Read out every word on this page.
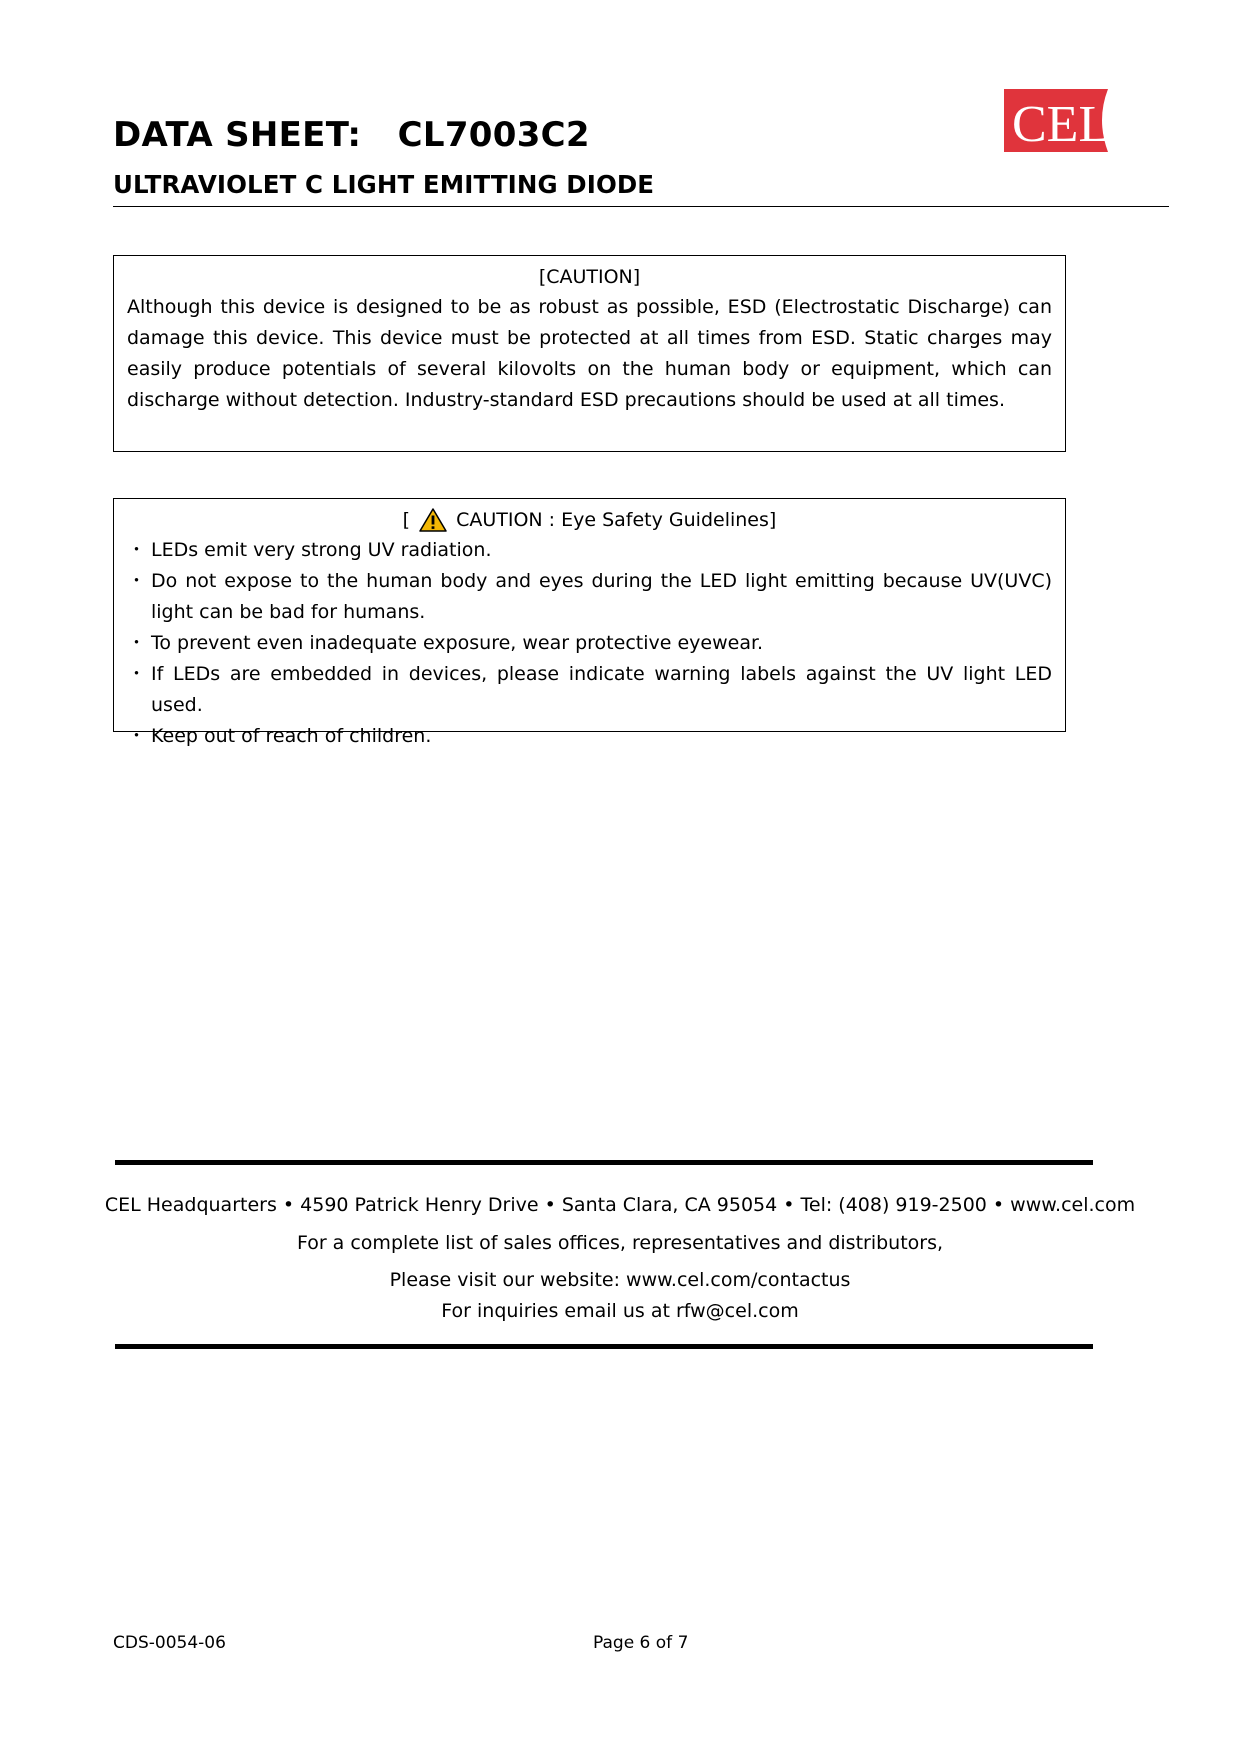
DATA SHEET:   CL7003C2
ULTRAVIOLET C LIGHT EMITTING DIODE
CEL
[CAUTION]
Although this device is designed to be as robust as possible, ESD (Electrostatic Discharge) can damage this device. This device must be protected at all times from ESD. Static charges may easily produce potentials of several kilovolts on the human body or equipment, which can discharge without detection. Industry-standard ESD precautions should be used at all times.
[ CAUTION : Eye Safety Guidelines]
・ LEDs emit very strong UV radiation.
・ Do not expose to the human body and eyes during the LED light emitting because UV(UVC) light can be bad for humans.
・ To prevent even inadequate exposure, wear protective eyewear.
・ If LEDs are embedded in devices, please indicate warning labels against the UV light LED used.
・ Keep out of reach of children.
CEL Headquarters • 4590 Patrick Henry Drive • Santa Clara, CA 95054 • Tel: (408) 919-2500 • www.cel.com
For a complete list of sales offices, representatives and distributors,
Please visit our website: www.cel.com/contactus
For inquiries email us at rfw@cel.com
CDS-0054-06	Page 6 of 7
